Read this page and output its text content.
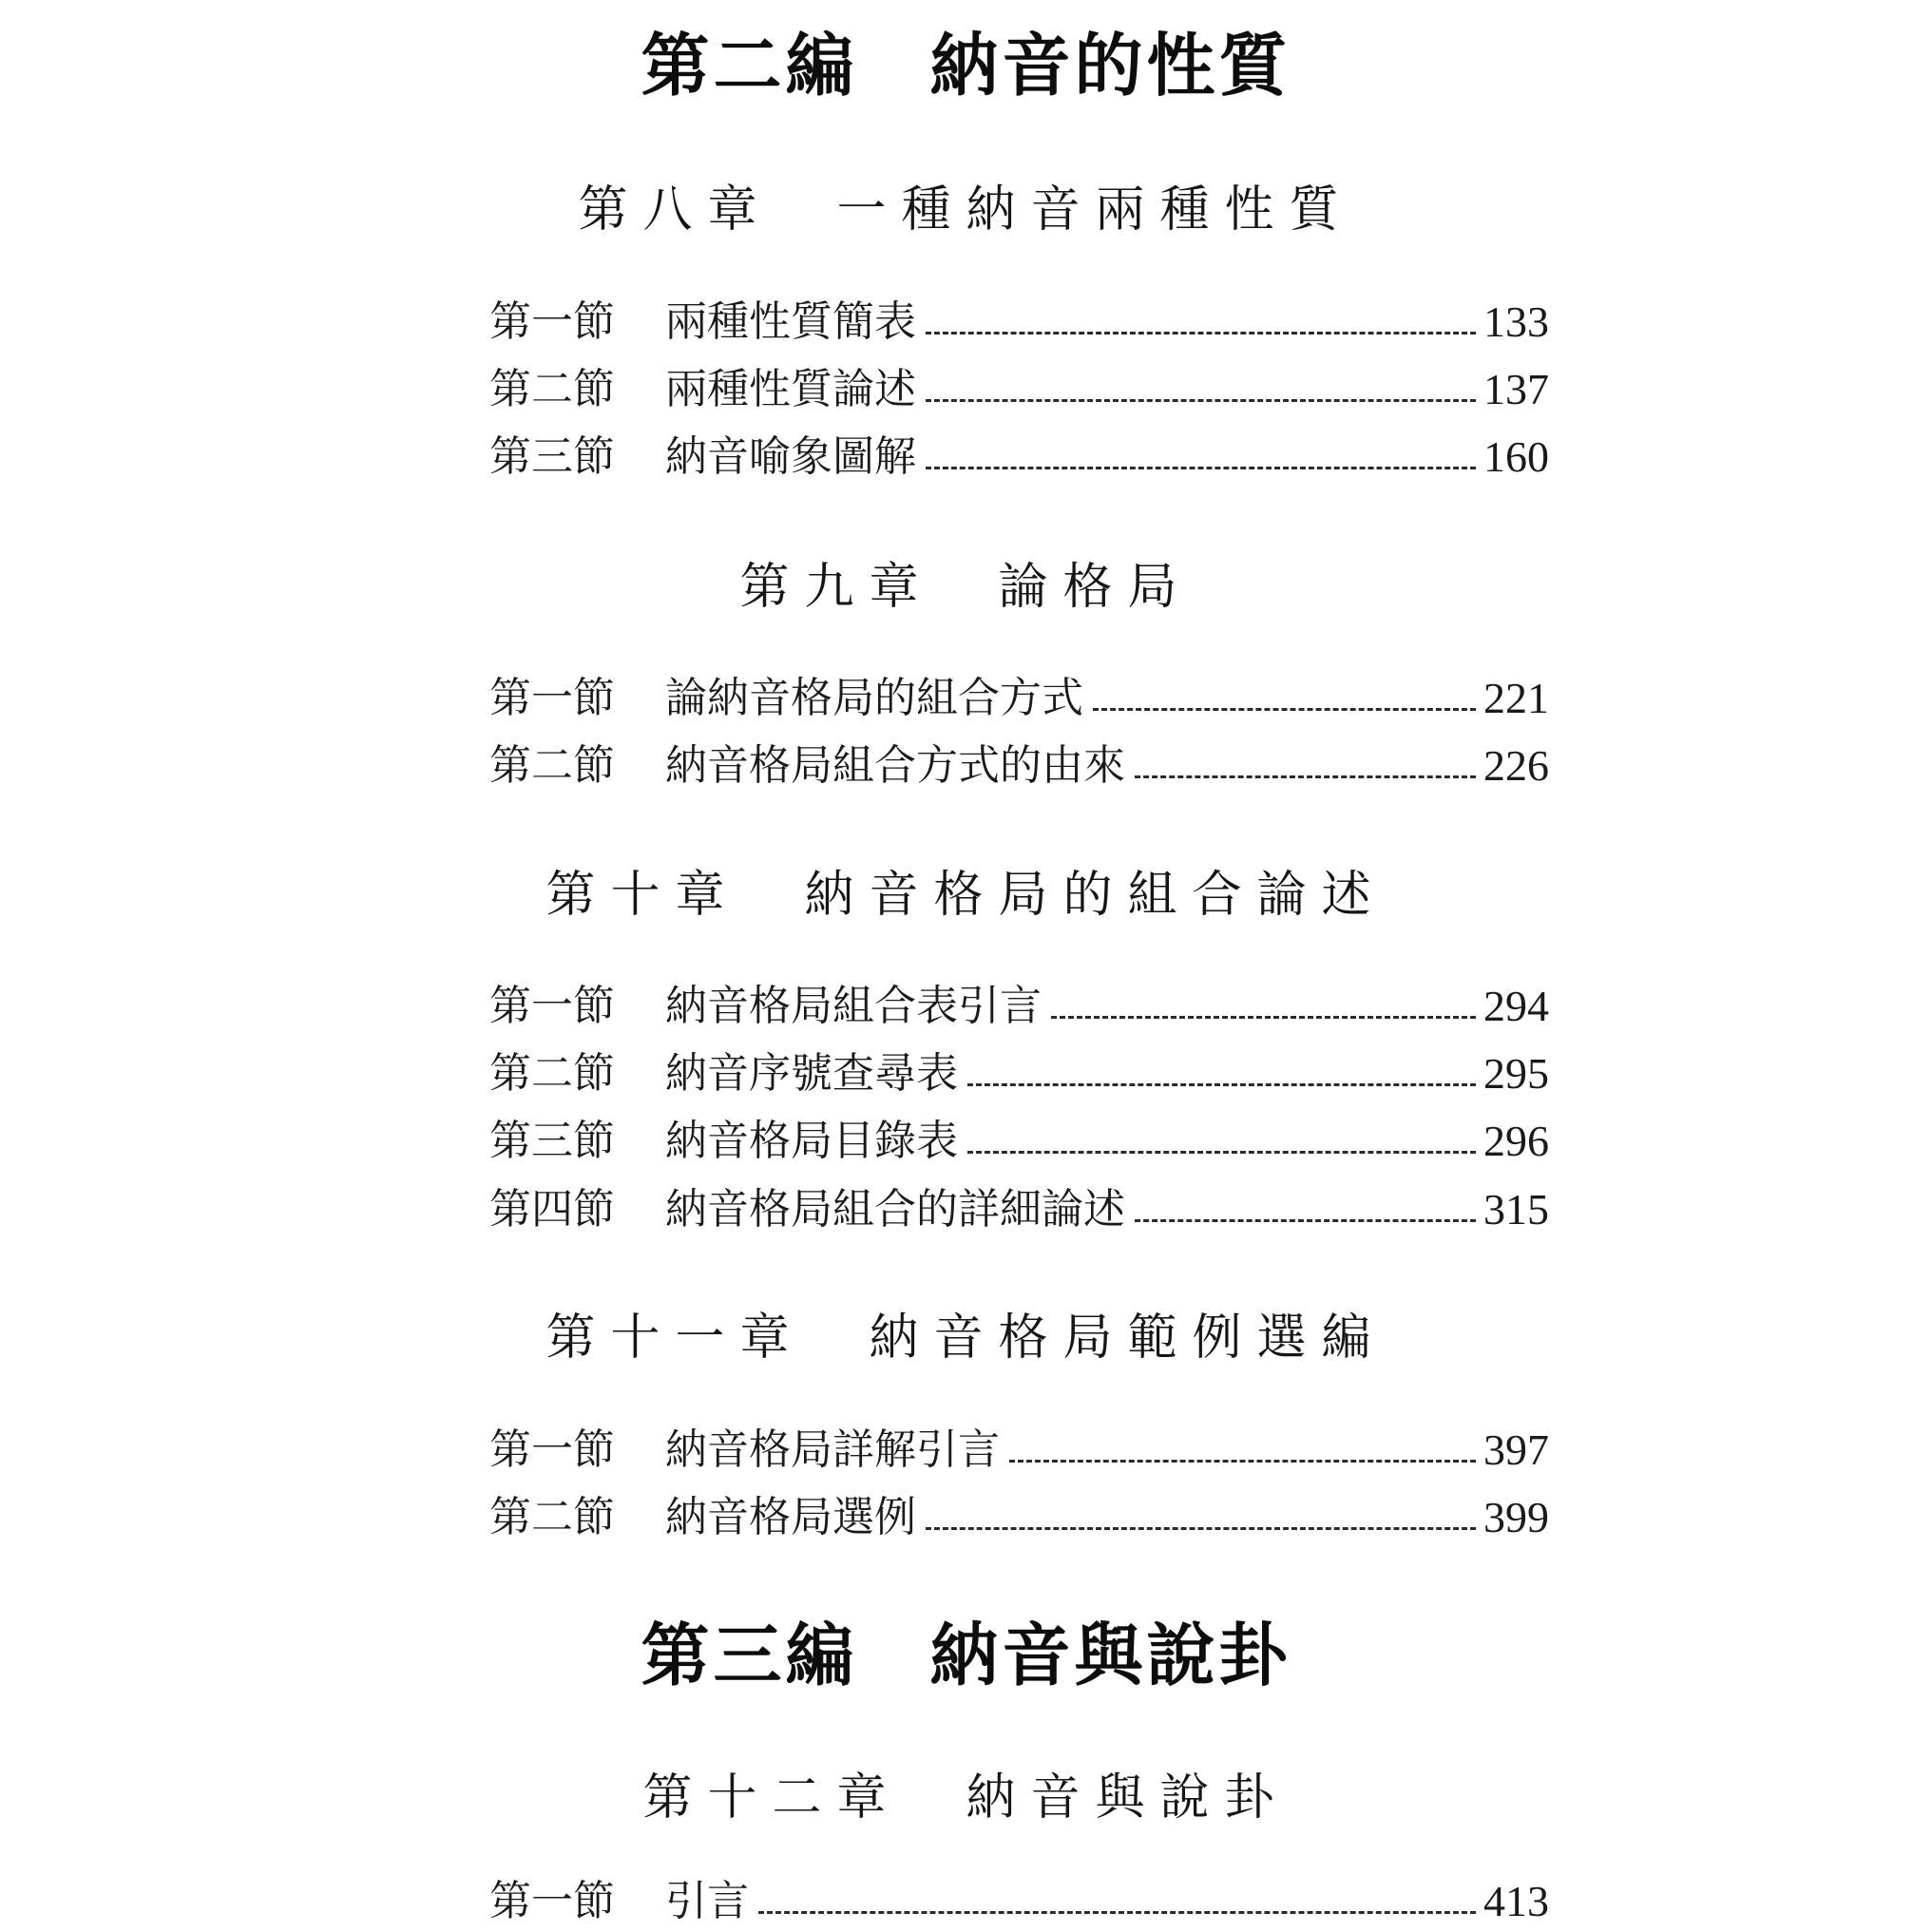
第二編　納音的性質
第八章　一種納音兩種性質
第一節	兩種性質簡表	133
第二節	兩種性質論述	137
第三節	納音喻象圖解	160
第九章　論格局
第一節	論納音格局的組合方式	221
第二節	納音格局組合方式的由來	226
第十章　納音格局的組合論述
第一節	納音格局組合表引言	294
第二節	納音序號查尋表	295
第三節	納音格局目錄表	296
第四節	納音格局組合的詳細論述	315
第十一章　納音格局範例選編
第一節	納音格局詳解引言	397
第二節	納音格局選例	399
第三編　納音與說卦
第十二章　納音與說卦
第一節	引言	413
